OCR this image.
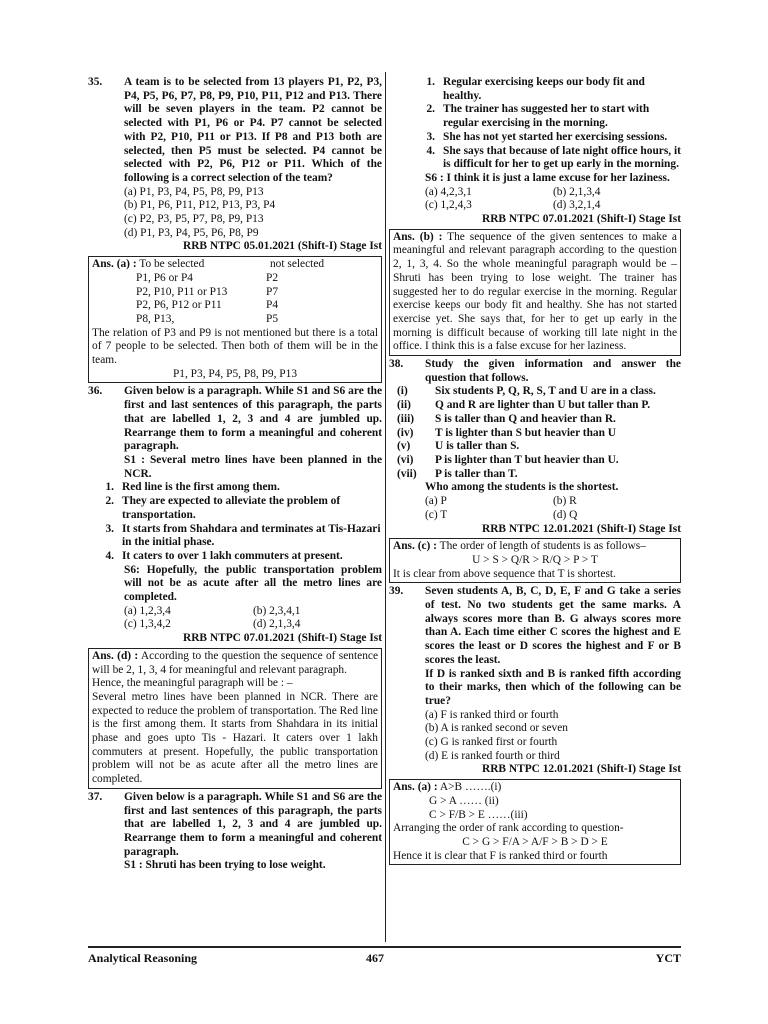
35.	A team is to be selected from 13 players P1, P2, P3, P4, P5, P6, P7, P8, P9, P10, P11, P12 and P13. There will be seven players in the team. P2 cannot be selected with P1, P6 or P4. P7 cannot be selected with P2, P10, P11 or P13. If P8 and P13 both are selected, then P5 must be selected. P4 cannot be selected with P2, P6, P12 or P11. Which of the following is a correct selection of the team?
(a) P1, P3, P4, P5, P8, P9, P13
(b) P1, P6, P11, P12, P13, P3, P4
(c) P2, P3, P5, P7, P8, P9, P13
(d) P1, P3, P4, P5, P6, P8, P9
RRB NTPC 05.01.2021 (Shift-I) Stage Ist
Ans. (a) : To be selected	not selected
P1, P6 or P4	P2
P2, P10, P11 or P13	P7
P2, P6, P12 or P11	P4
P8, P13,	P5
The relation of P3 and P9 is not mentioned but there is a total of 7 people to be selected. Then both of them will be in the team.
P1, P3, P4, P5, P8, P9, P13
36.	Given below is a paragraph. While S1 and S6 are the first and last sentences of this paragraph, the parts that are labelled 1, 2, 3 and 4 are jumbled up. Rearrange them to form a meaningful and coherent paragraph.
S1 : Several metro lines have been planned in the NCR.
1. Red line is the first among them.
2. They are expected to alleviate the problem of transportation.
3. It starts from Shahdara and terminates at Tis-Hazari in the initial phase.
4. It caters to over 1 lakh commuters at present.
S6: Hopefully, the public transportation problem will not be as acute after all the metro lines are completed.
(a) 1,2,3,4	(b) 2,3,4,1
(c) 1,3,4,2	(d) 2,1,3,4
RRB NTPC 07.01.2021 (Shift-I) Stage Ist
Ans. (d) : According to the question the sequence of sentence will be 2, 1, 3, 4 for meaningful and relevant paragraph.
Hence, the meaningful paragraph will be : –
Several metro lines have been planned in NCR. There are expected to reduce the problem of transportation. The Red line is the first among them. It starts from Shahdara in its initial phase and goes upto Tis - Hazari. It caters over 1 lakh commuters at present. Hopefully, the public transportation problem will not be as acute after all the metro lines are completed.
37.	Given below is a paragraph. While S1 and S6 are the first and last sentences of this paragraph, the parts that are labelled 1, 2, 3 and 4 are jumbled up. Rearrange them to form a meaningful and coherent paragraph.
S1 : Shruti has been trying to lose weight.
1. Regular exercising keeps our body fit and healthy.
2. The trainer has suggested her to start with regular exercising in the morning.
3. She has not yet started her exercising sessions.
4. She says that because of late night office hours, it is difficult for her to get up early in the morning.
S6 : I think it is just a lame excuse for her laziness.
(a) 4,2,3,1	(b) 2,1,3,4
(c) 1,2,4,3	(d) 3,2,1,4
RRB NTPC 07.01.2021 (Shift-I) Stage Ist
Ans. (b) : The sequence of the given sentences to make a meaningful and relevant paragraph according to the question 2, 1, 3, 4. So the whole meaningful paragraph would be – Shruti has been trying to lose weight. The trainer has suggested her to do regular exercise in the morning. Regular exercise keeps our body fit and healthy. She has not started exercise yet. She says that, for her to get up early in the morning is difficult because of working till late night in the office. I think this is a false excuse for her laziness.
38.	Study the given information and answer the question that follows.
(i)	Six students P, Q, R, S, T and U are in a class.
(ii)	Q and R are lighter than U but taller than P.
(iii)	S is taller than Q and heavier than R.
(iv)	T is lighter than S but heavier than U
(v)	U is taller than S.
(vi)	P is lighter than T but heavier than U.
(vii)	P is taller than T.
Who among the students is the shortest.
(a) P	(b) R
(c) T	(d) Q
RRB NTPC 12.01.2021 (Shift-I) Stage Ist
Ans. (c) : The order of length of students is as follows–
U > S > Q/R > R/Q > P > T
It is clear from above sequence that T is shortest.
39.	Seven students A, B, C, D, E, F and G take a series of test. No two students get the same marks. A always scores more than B. G always scores more than A. Each time either C scores the highest and E scores the least or D scores the highest and F or B scores the least.
If D is ranked sixth and B is ranked fifth according to their marks, then which of the following can be true?
(a) F is ranked third or fourth
(b) A is ranked second or seven
(c) G is ranked first or fourth
(d) E is ranked fourth or third
RRB NTPC 12.01.2021 (Shift-I) Stage Ist
Ans. (a) : A>B …….(i)
G > A …… (ii)
C > F/B > E ……(iii)
Arranging the order of rank according to question-
C > G > F/A > A/F > B > D > E
Hence it is clear that F is ranked third or fourth
Analytical Reasoning	467	YCT
